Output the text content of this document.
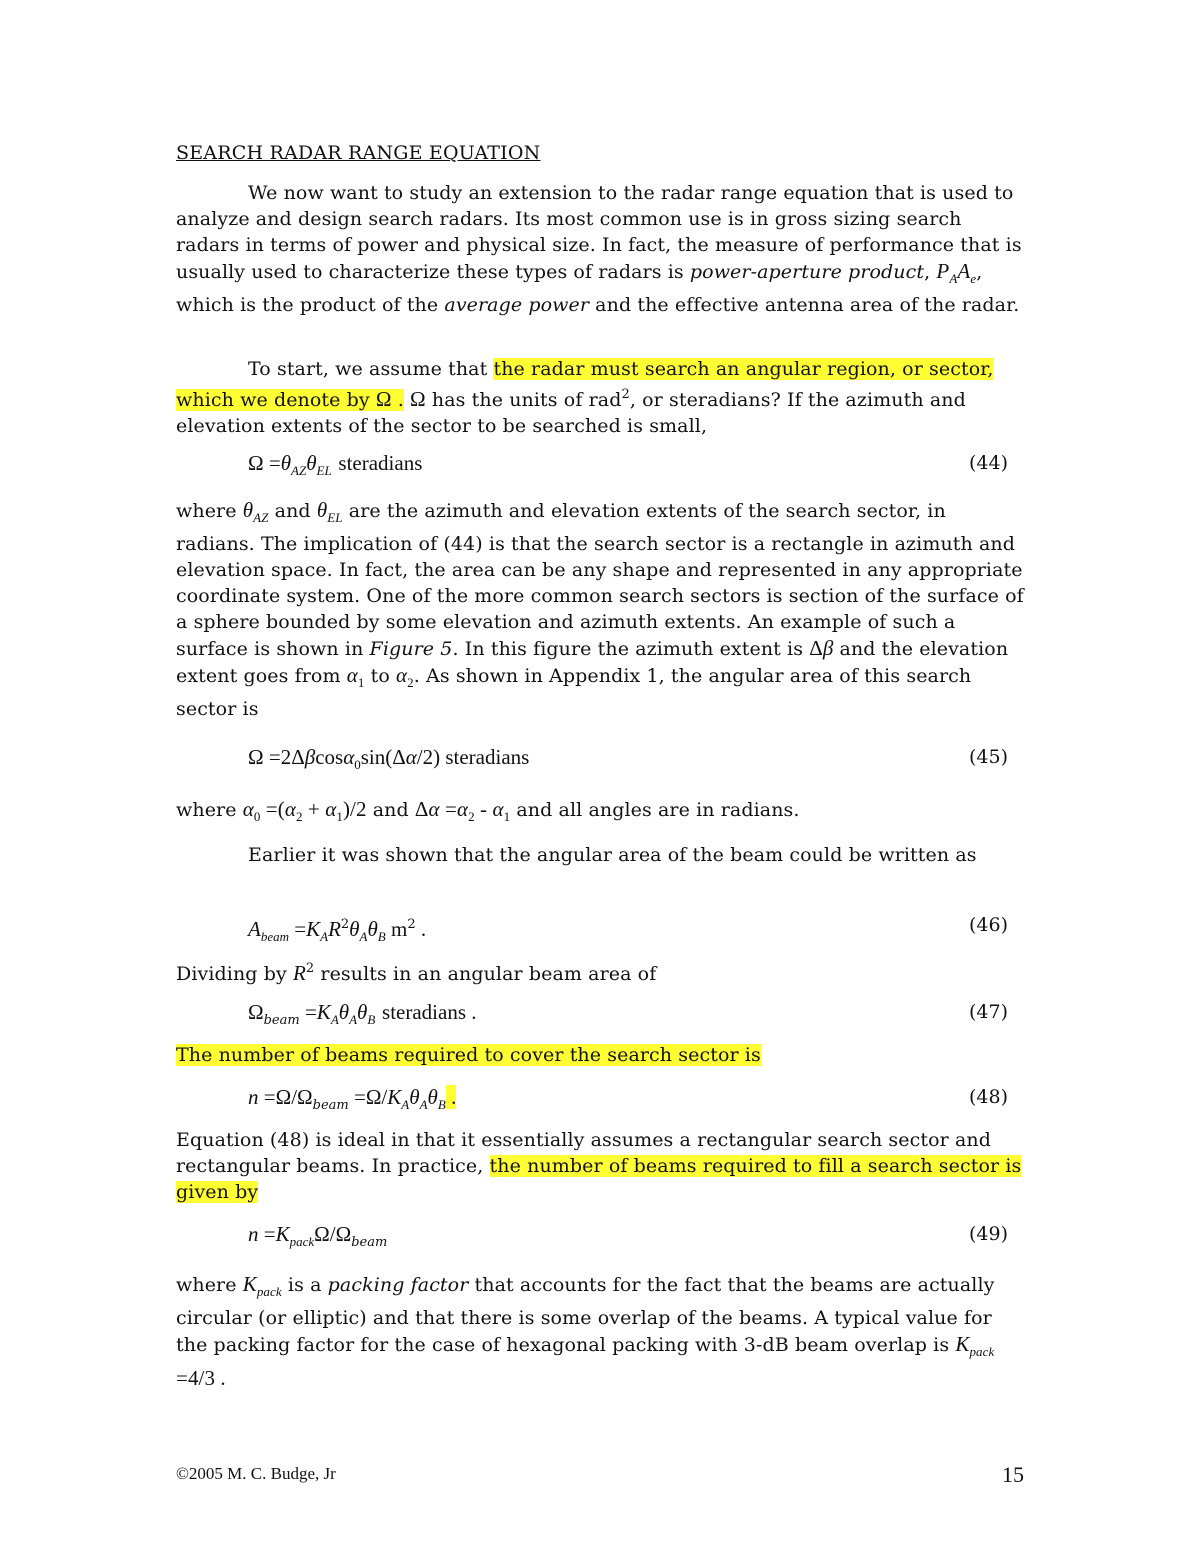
SEARCH RADAR RANGE EQUATION
We now want to study an extension to the radar range equation that is used to analyze and design search radars. Its most common use is in gross sizing search radars in terms of power and physical size. In fact, the measure of performance that is usually used to characterize these types of radars is power-aperture product, $P_AA_e$, which is the product of the average power and the effective antenna area of the radar.
To start, we assume that the radar must search an angular region, or sector, which we denote by Ω . Ω has the units of rad$^2$, or steradians? If the azimuth and elevation extents of the sector to be searched is small,
$\Omega =\theta_{AZ}\theta_{EL}$ steradians	(44)
where $\theta_{AZ}$ and $\theta_{EL}$ are the azimuth and elevation extents of the search sector, in radians. The implication of (44) is that the search sector is a rectangle in azimuth and elevation space. In fact, the area can be any shape and represented in any appropriate coordinate system. One of the more common search sectors is section of the surface of a sphere bounded by some elevation and azimuth extents. An example of such a surface is shown in Figure 5. In this figure the azimuth extent is Δβ and the elevation extent goes from $\alpha_1$ to $\alpha_2$. As shown in Appendix 1, the angular area of this search sector is
Ω =2Δβcosα$_0$sin(Δα/2) steradians	(45)
where $\alpha_0 =(\alpha_2 + \alpha_1)/2$ and $\Delta\alpha =\alpha_2 - \alpha_1$ and all angles are in radians.
Earlier it was shown that the angular area of the beam could be written as
$A_{beam} =K_AR^2\theta_A\theta_B$ $m^2$ .	(46)
Dividing by $R^2$ results in an angular beam area of
$\Omega_{beam} =K_A\theta_A\theta_B$ steradians .	(47)
The number of beams required to cover the search sector is
$n =\Omega/\Omega_{beam} =\Omega/K_A\theta_A\theta_B$ .	(48)
Equation (48) is ideal in that it essentially assumes a rectangular search sector and rectangular beams. In practice, the number of beams required to fill a search sector is given by
$n =K_{pack}\Omega/\Omega_{beam}$	(49)
where $K_{pack}$ is a packing factor that accounts for the fact that the beams are actually circular (or elliptic) and that there is some overlap of the beams. A typical value for the packing factor for the case of hexagonal packing with 3-dB beam overlap is $K_{pack} =4/3$ .
©2005 M. C. Budge, Jr	15
